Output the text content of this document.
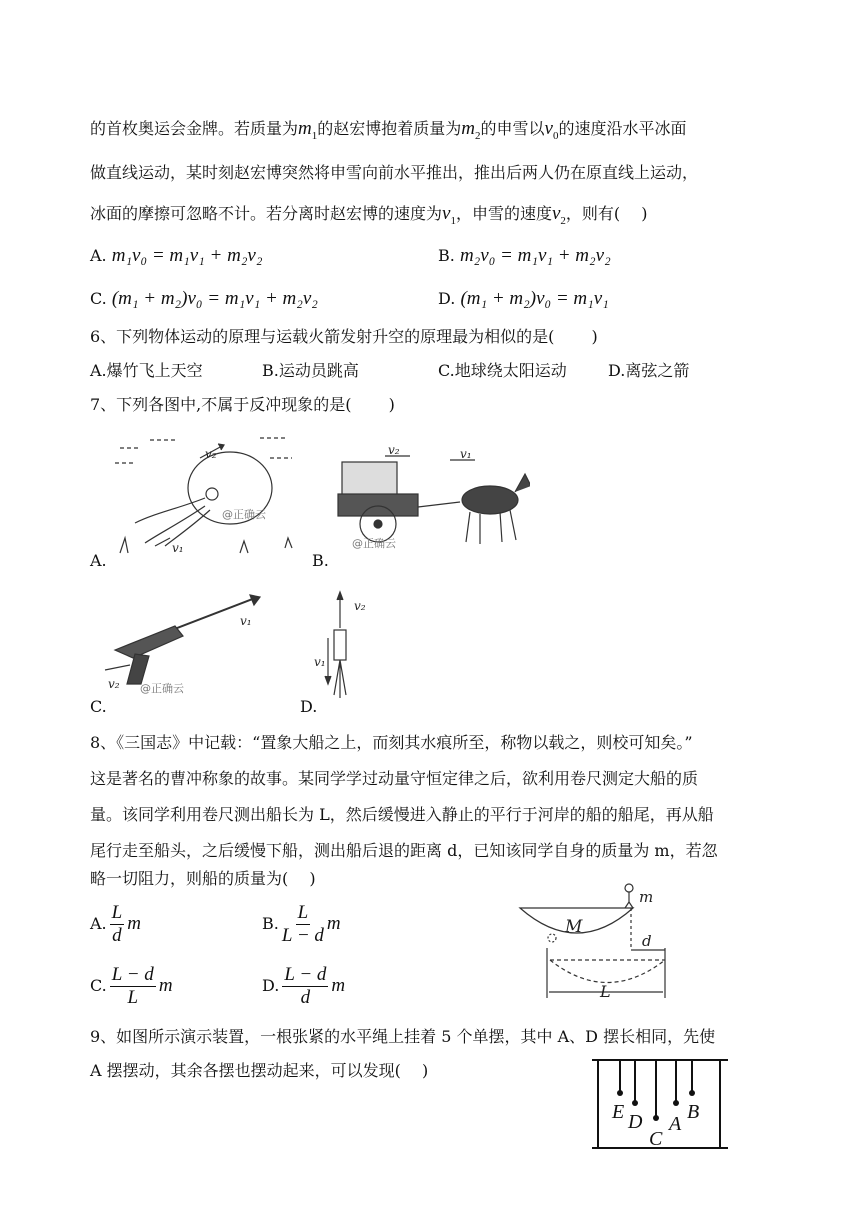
的首枚奥运会金牌。若质量为$m_1$的赵宏博抱着质量为$m_2$的申雪以$v_0$的速度沿水平冰面
做直线运动，某时刻赵宏博突然将申雪向前水平推出，推出后两人仍在原直线上运动，
冰面的摩擦可忽略不计。若分离时赵宏博的速度为$v_1$，申雪的速度$v_2$，则有(　 )
A. m₁v₀ = m₁v₁ + m₂v₂	B. m₂v₀ = m₁v₁ + m₂v₂
C. (m₁ + m₂)v₀ = m₁v₁ + m₂v₂	D. (m₁ + m₂)v₀ = m₁v₁
6、下列物体运动的原理与运载火箭发射升空的原理最为相似的是(　　 )
A.爆竹飞上天空	B.运动员跳高	C.地球绕太阳运动	D.离弦之箭
7、下列各图中,不属于反冲现象的是(　　 )
v₂
v₁
@正确云
A.
v₂	v₁
@正确云
B.
v₁
v₂ @正确云
C.
v₂
v₁
D.
8、《三国志》中记载：“置象大船之上，而刻其水痕所至，称物以载之，则校可知矣。”
这是著名的曹冲称象的故事。某同学学过动量守恒定律之后，欲利用卷尺测定大船的质
量。该同学利用卷尺测出船长为 L，然后缓慢进入静止的平行于河岸的船的船尾，再从船
尾行走至船头，之后缓慢下船，测出船后退的距离 d，已知该同学自身的质量为 m，若忽
略一切阻力，则船的质量为(　 )
A. $\frac{L}{d}$ m	B. $\frac{L}{L - d}$ m
C. $\frac{L - d}{L}$ m	D. $\frac{L - d}{d}$ m
M
m
d
L
9、如图所示演示装置，一根张紧的水平绳上挂着 5 个单摆，其中 A、D 摆长相同，先使
A 摆摆动，其余各摆也摆动起来，可以发现(　 )
E D
C
A
B
